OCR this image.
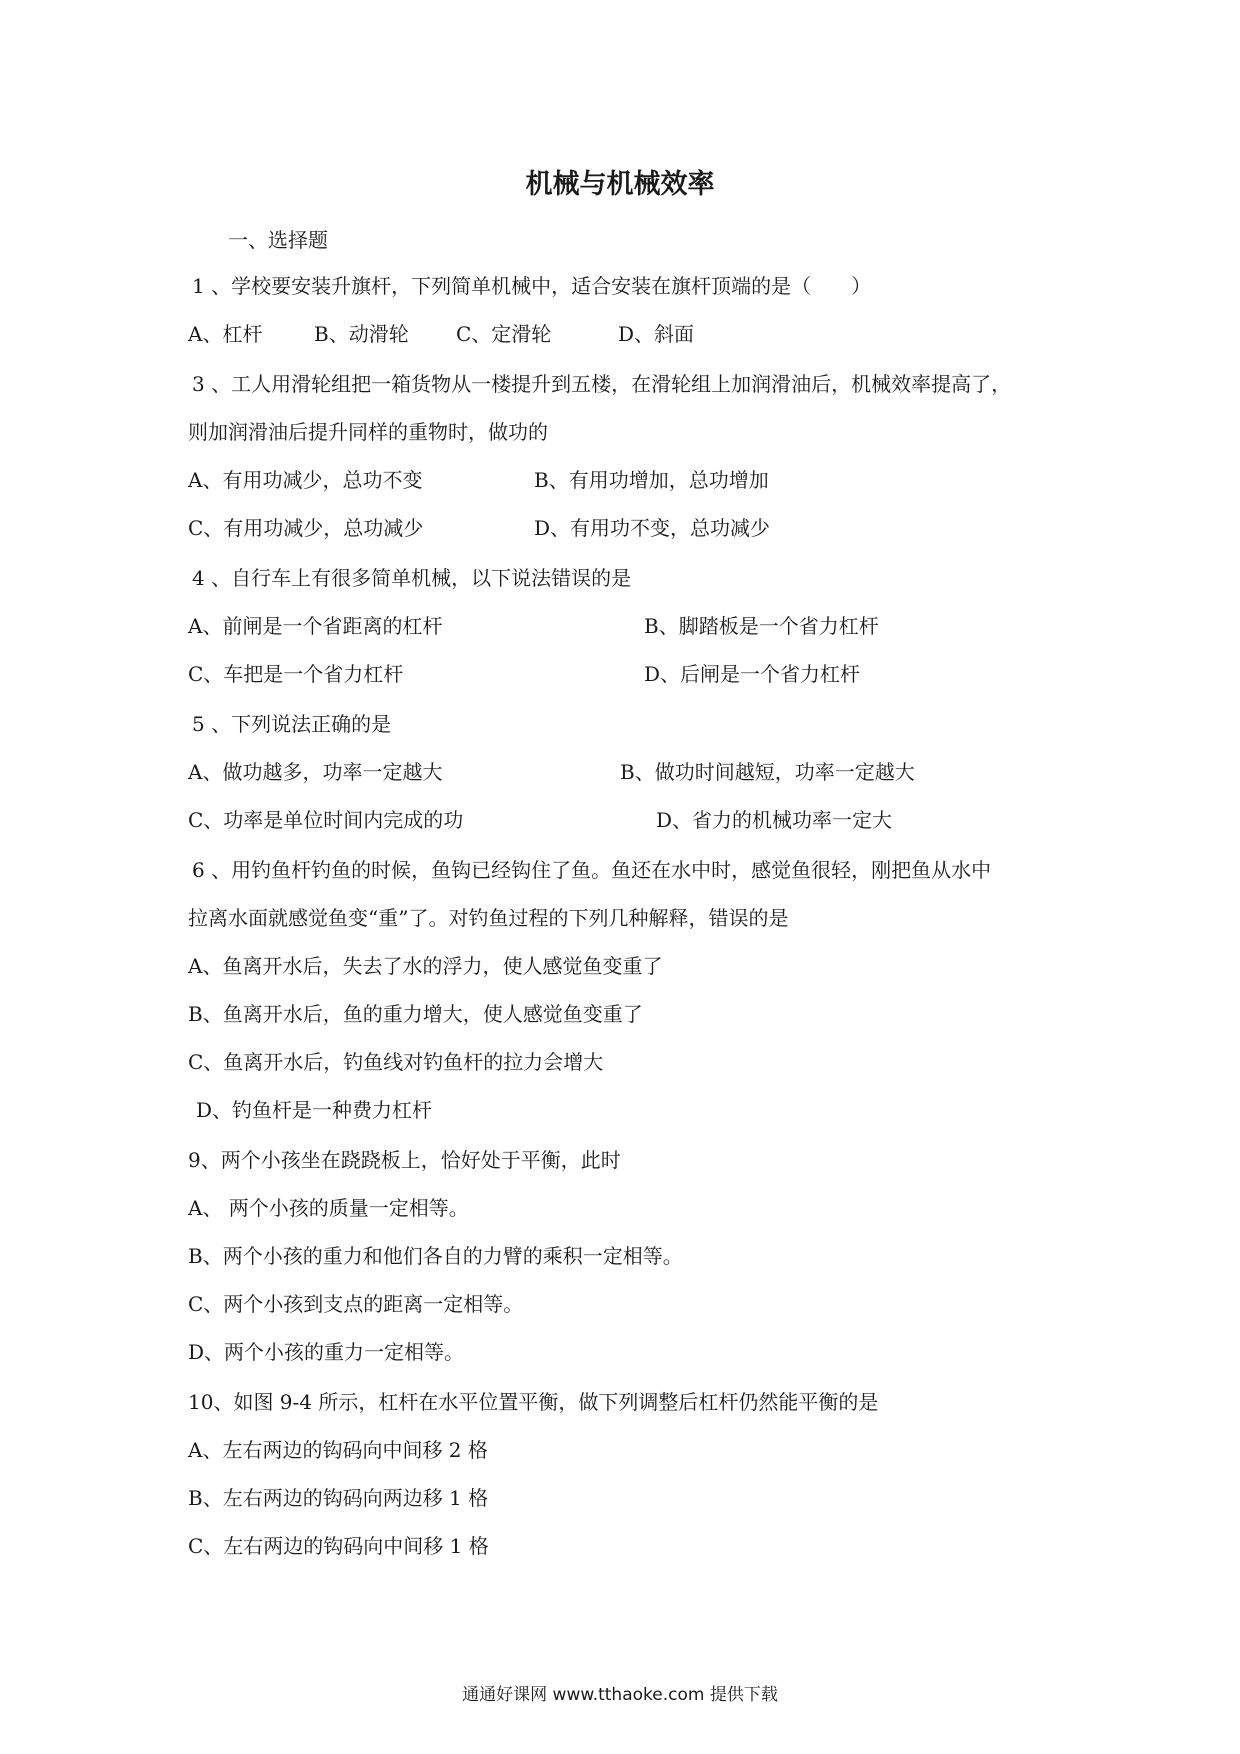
机械与机械效率
一、选择题
1 、学校要安装升旗杆，下列简单机械中，适合安装在旗杆顶端的是（　　）
A、杠杆	B、动滑轮 C、定滑轮	D、斜面
3 、工人用滑轮组把一箱货物从一楼提升到五楼，在滑轮组上加润滑油后，机械效率提高了，
则加润滑油后提升同样的重物时，做功的
A、有用功减少，总功不变	B、有用功增加，总功增加
C、有用功减少，总功减少	D、有用功不变，总功减少
4 、自行车上有很多简单机械，以下说法错误的是
A、前闸是一个省距离的杠杆	B、脚踏板是一个省力杠杆
C、车把是一个省力杠杆	D、后闸是一个省力杠杆
5 、下列说法正确的是
A、做功越多，功率一定越大	B、做功时间越短，功率一定越大
C、功率是单位时间内完成的功	D、省力的机械功率一定大
6 、用钓鱼杆钓鱼的时候，鱼钩已经钩住了鱼。鱼还在水中时，感觉鱼很轻，刚把鱼从水中
拉离水面就感觉鱼变“重”了。对钓鱼过程的下列几种解释，错误的是
A、鱼离开水后，失去了水的浮力，使人感觉鱼变重了
B、鱼离开水后，鱼的重力增大，使人感觉鱼变重了
C、鱼离开水后，钓鱼线对钓鱼杆的拉力会增大
D、钓鱼杆是一种费力杠杆
9、两个小孩坐在跷跷板上，恰好处于平衡，此时
A、 两个小孩的质量一定相等。
B、两个小孩的重力和他们各自的力臂的乘积一定相等。
C、两个小孩到支点的距离一定相等。
D、两个小孩的重力一定相等。
10、如图 9-4 所示，杠杆在水平位置平衡，做下列调整后杠杆仍然能平衡的是
A、左右两边的钩码向中间移 2 格
B、左右两边的钩码向两边移 1 格
C、左右两边的钩码向中间移 1 格
通通好课网 www.tthaoke.com 提供下载
